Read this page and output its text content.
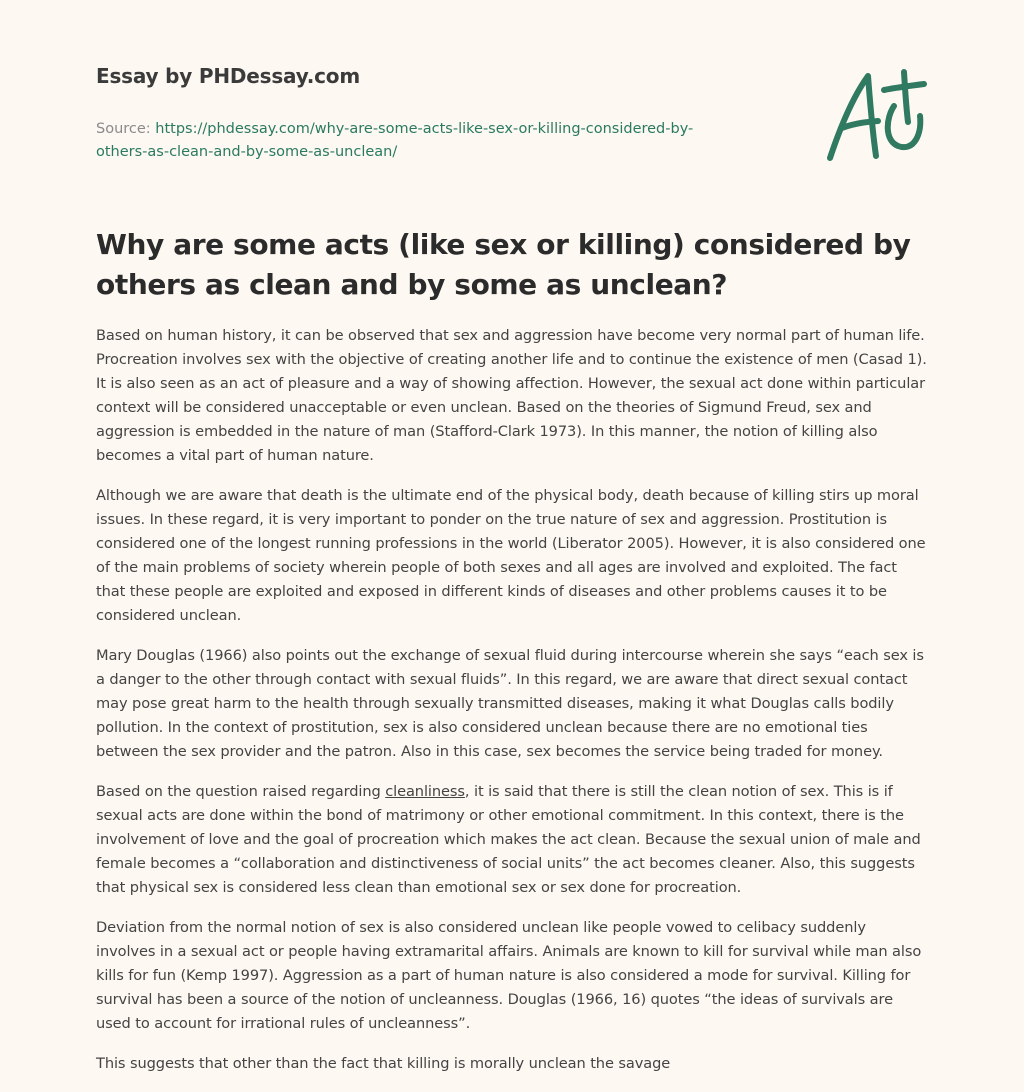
Essay by PHDessay.com
Source: https://phdessay.com/why-are-some-acts-like-sex-or-killing-considered-by-
others-as-clean-and-by-some-as-unclean/
Why are some acts (like sex or killing) considered by others as clean and by some as unclean?

Based on human history, it can be observed that sex and aggression have become very normal part of human life. Procreation involves sex with the objective of creating another life and to continue the existence of men (Casad 1). It is also seen as an act of pleasure and a way of showing affection. However, the sexual act done within particular context will be considered unacceptable or even unclean. Based on the theories of Sigmund Freud, sex and aggression is embedded in the nature of man (Stafford-Clark 1973). In this manner, the notion of killing also becomes a vital part of human nature.

Although we are aware that death is the ultimate end of the physical body, death because of killing stirs up moral issues. In these regard, it is very important to ponder on the true nature of sex and aggression. Prostitution is considered one of the longest running professions in the world (Liberator 2005). However, it is also considered one of the main problems of society wherein people of both sexes and all ages are involved and exploited. The fact that these people are exploited and exposed in different kinds of diseases and other problems causes it to be considered unclean.

Mary Douglas (1966) also points out the exchange of sexual fluid during intercourse wherein she says “each sex is a danger to the other through contact with sexual fluids”. In this regard, we are aware that direct sexual contact may pose great harm to the health through sexually transmitted diseases, making it what Douglas calls bodily pollution. In the context of prostitution, sex is also considered unclean because there are no emotional ties between the sex provider and the patron. Also in this case, sex becomes the service being traded for money.

Based on the question raised regarding cleanliness, it is said that there is still the clean notion of sex. This is if sexual acts are done within the bond of matrimony or other emotional commitment. In this context, there is the involvement of love and the goal of procreation which makes the act clean. Because the sexual union of male and female becomes a “collaboration and distinctiveness of social units” the act becomes cleaner. Also, this suggests that physical sex is considered less clean than emotional sex or sex done for procreation.

Deviation from the normal notion of sex is also considered unclean like people vowed to celibacy suddenly involves in a sexual act or people having extramarital affairs. Animals are known to kill for survival while man also kills for fun (Kemp 1997). Aggression as a part of human nature is also considered a mode for survival. Killing for survival has been a source of the notion of uncleanness. Douglas (1966, 16) quotes “the ideas of survivals are used to account for irrational rules of uncleanness”.

This suggests that other than the fact that killing is morally unclean the savage
